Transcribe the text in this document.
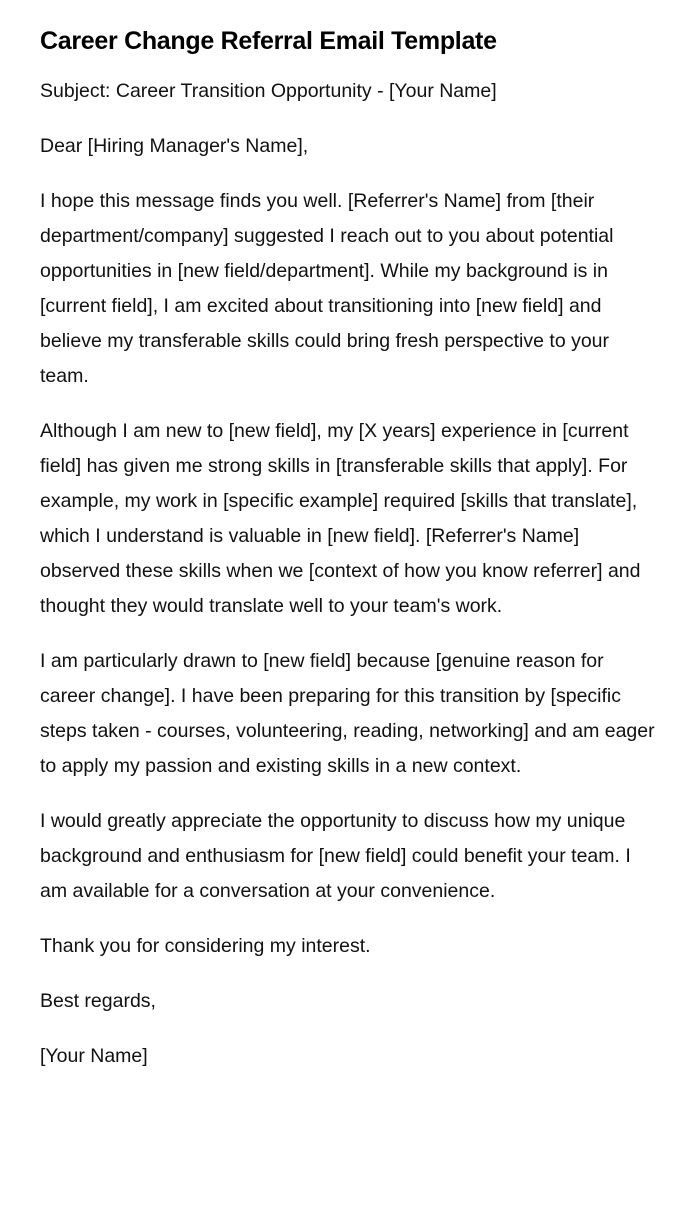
Career Change Referral Email Template

Subject: Career Transition Opportunity - [Your Name]

Dear [Hiring Manager's Name],

I hope this message finds you well. [Referrer's Name] from [their department/company] suggested I reach out to you about potential opportunities in [new field/department]. While my background is in [current field], I am excited about transitioning into [new field] and believe my transferable skills could bring fresh perspective to your team.

Although I am new to [new field], my [X years] experience in [current field] has given me strong skills in [transferable skills that apply]. For example, my work in [specific example] required [skills that translate], which I understand is valuable in [new field]. [Referrer's Name] observed these skills when we [context of how you know referrer] and thought they would translate well to your team's work.

I am particularly drawn to [new field] because [genuine reason for career change]. I have been preparing for this transition by [specific steps taken - courses, volunteering, reading, networking] and am eager to apply my passion and existing skills in a new context.

I would greatly appreciate the opportunity to discuss how my unique background and enthusiasm for [new field] could benefit your team. I am available for a conversation at your convenience.

Thank you for considering my interest.

Best regards,

[Your Name]
